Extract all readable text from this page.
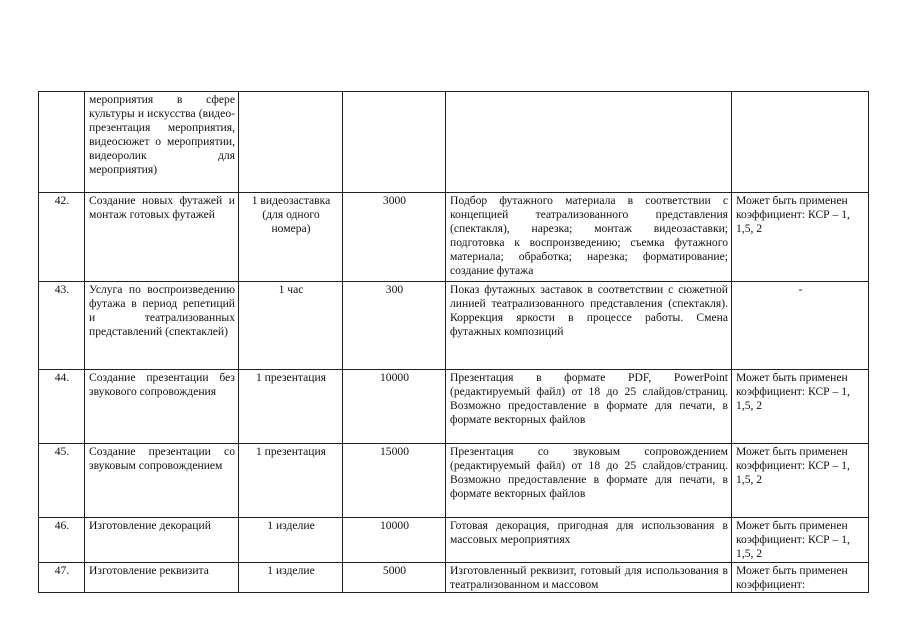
	мероприятия в сфере культуры и искусства (видео-презентация мероприятия, видеосюжет о мероприятии, видеоролик для мероприятия)				
42.	Создание новых футажей и монтаж готовых футажей	1 видеозаставка (для одного номера)	3000	Подбор футажного материала в соответствии с концепцией театрализованного представления (спектакля), нарезка; монтаж видеозаставки; подготовка к воспроизведению; съемка футажного материала; обработка; нарезка; форматирование; создание футажа	Может быть применен коэффициент: КСР – 1, 1,5, 2
43.	Услуга по воспроизведению футажа в период репетиций и театрализованных представлений (спектаклей)	1 час	300	Показ футажных заставок в соответствии с сюжетной линией театрализованного представления (спектакля). Коррекция яркости в процессе работы. Смена футажных композиций	-
44.	Создание презентации без звукового сопровождения	1 презентация	10000	Презентация в формате PDF, PowerPoint (редактируемый файл) от 18 до 25 слайдов/страниц. Возможно предоставление в формате для печати, в формате векторных файлов	Может быть применен коэффициент: КСР – 1, 1,5, 2
45.	Создание презентации со звуковым сопровождением	1 презентация	15000	Презентация со звуковым сопровождением (редактируемый файл) от 18 до 25 слайдов/страниц. Возможно предоставление в формате для печати, в формате векторных файлов	Может быть применен коэффициент: КСР – 1, 1,5, 2
46.	Изготовление декораций	1 изделие	10000	Готовая декорация, пригодная для использования в массовых мероприятиях	Может быть применен коэффициент: КСР – 1, 1,5, 2
47.	Изготовление реквизита	1 изделие	5000	Изготовленный реквизит, готовый для использования в театрализованном и массовом	Может быть применен коэффициент:
